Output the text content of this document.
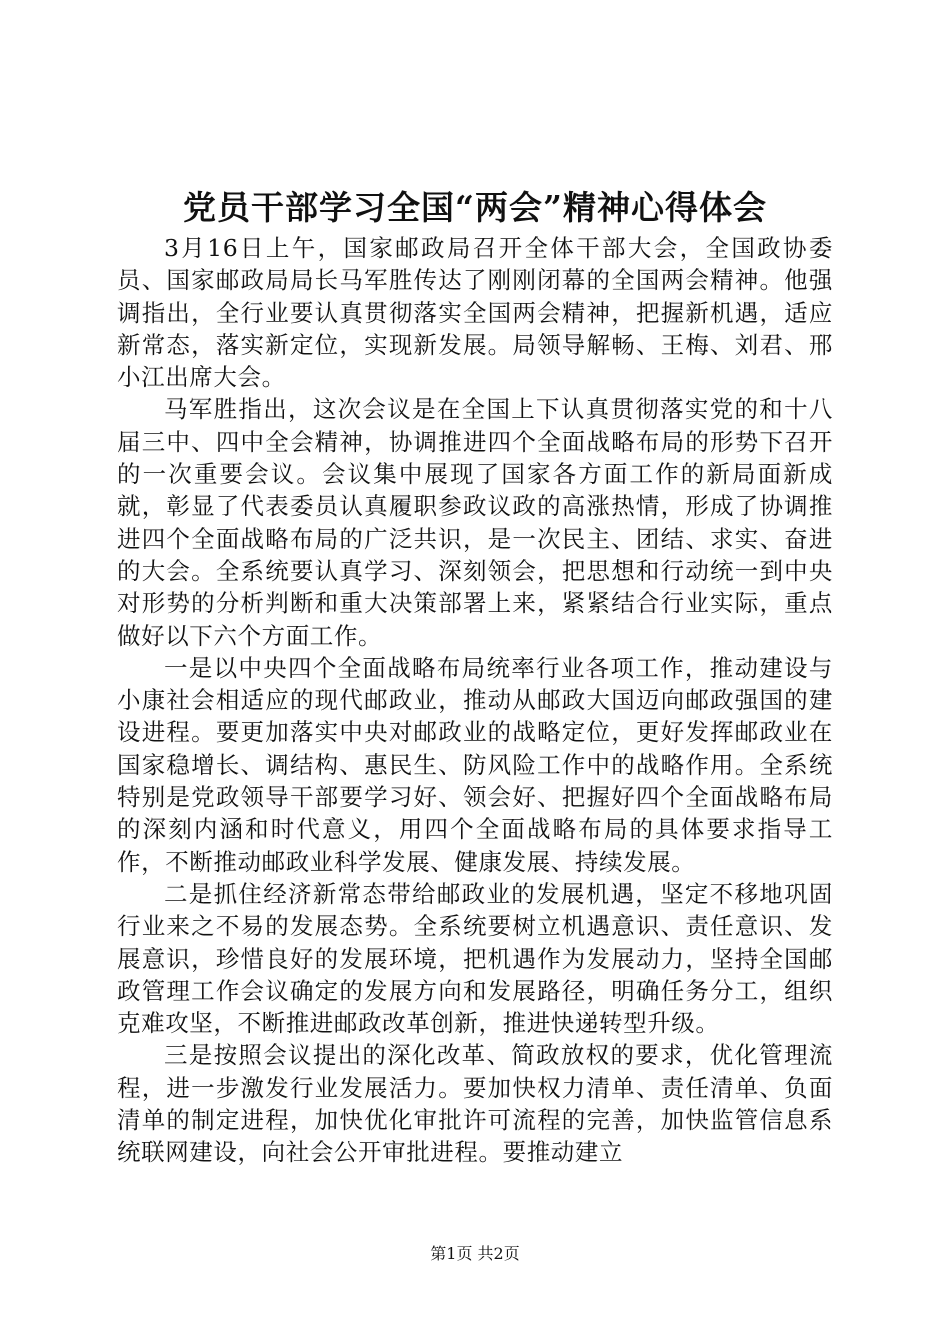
党员干部学习全国“两会”精神心得体会

3月16日上午，国家邮政局召开全体干部大会，全国政协委员、国家邮政局局长马军胜传达了刚刚闭幕的全国两会精神。他强调指出，全行业要认真贯彻落实全国两会精神，把握新机遇，适应新常态，落实新定位，实现新发展。局领导解畅、王梅、刘君、邢小江出席大会。

马军胜指出，这次会议是在全国上下认真贯彻落实党的和十八届三中、四中全会精神，协调推进四个全面战略布局的形势下召开的一次重要会议。会议集中展现了国家各方面工作的新局面新成就，彰显了代表委员认真履职参政议政的高涨热情，形成了协调推进四个全面战略布局的广泛共识，是一次民主、团结、求实、奋进的大会。全系统要认真学习、深刻领会，把思想和行动统一到中央对形势的分析判断和重大决策部署上来，紧紧结合行业实际，重点做好以下六个方面工作。

一是以中央四个全面战略布局统率行业各项工作，推动建设与小康社会相适应的现代邮政业，推动从邮政大国迈向邮政强国的建设进程。要更加落实中央对邮政业的战略定位，更好发挥邮政业在国家稳增长、调结构、惠民生、防风险工作中的战略作用。全系统特别是党政领导干部要学习好、领会好、把握好四个全面战略布局的深刻内涵和时代意义，用四个全面战略布局的具体要求指导工作，不断推动邮政业科学发展、健康发展、持续发展。

二是抓住经济新常态带给邮政业的发展机遇，坚定不移地巩固行业来之不易的发展态势。全系统要树立机遇意识、责任意识、发展意识，珍惜良好的发展环境，把机遇作为发展动力，坚持全国邮政管理工作会议确定的发展方向和发展路径，明确任务分工，组织克难攻坚，不断推进邮政改革创新，推进快递转型升级。

三是按照会议提出的深化改革、简政放权的要求，优化管理流程，进一步激发行业发展活力。要加快权力清单、责任清单、负面清单的制定进程，加快优化审批许可流程的完善，加快监管信息系统联网建设，向社会公开审批进程。要推动建立

第1页 共2页
